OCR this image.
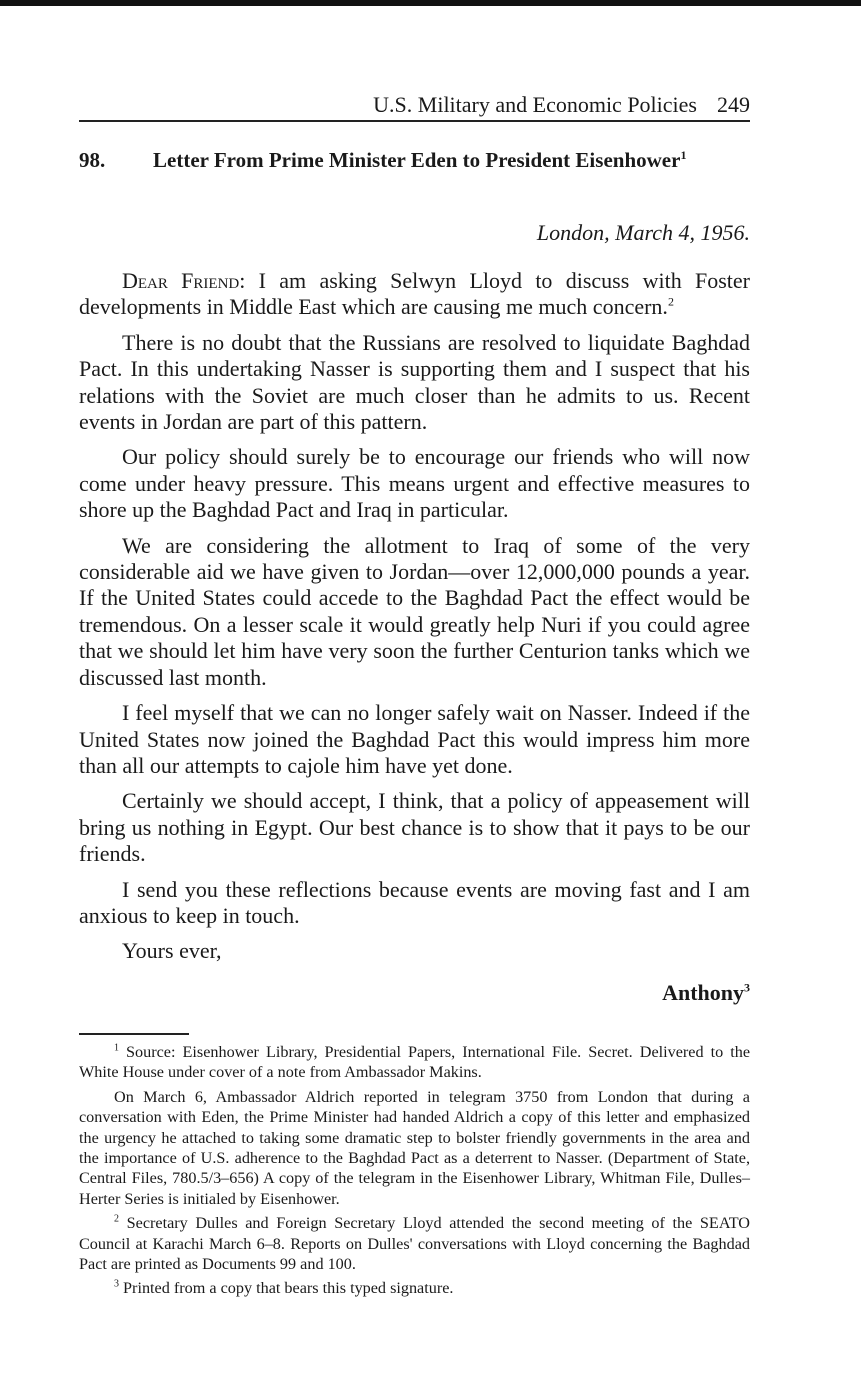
U.S. Military and Economic Policies 249
98. Letter From Prime Minister Eden to President Eisenhower$^1$
London, March 4, 1956.

Dear Friend: I am asking Selwyn Lloyd to discuss with Foster developments in Middle East which are causing me much concern.$^2$

There is no doubt that the Russians are resolved to liquidate Baghdad Pact. In this undertaking Nasser is supporting them and I suspect that his relations with the Soviet are much closer than he admits to us. Recent events in Jordan are part of this pattern.

Our policy should surely be to encourage our friends who will now come under heavy pressure. This means urgent and effective measures to shore up the Baghdad Pact and Iraq in particular.

We are considering the allotment to Iraq of some of the very considerable aid we have given to Jordan—over 12,000,000 pounds a year. If the United States could accede to the Baghdad Pact the effect would be tremendous. On a lesser scale it would greatly help Nuri if you could agree that we should let him have very soon the further Centurion tanks which we discussed last month.

I feel myself that we can no longer safely wait on Nasser. Indeed if the United States now joined the Baghdad Pact this would impress him more than all our attempts to cajole him have yet done.

Certainly we should accept, I think, that a policy of appeasement will bring us nothing in Egypt. Our best chance is to show that it pays to be our friends.

I send you these reflections because events are moving fast and I am anxious to keep in touch.

Yours ever,

Anthony$^3$

$^1$ Source: Eisenhower Library, Presidential Papers, International File. Secret. Delivered to the White House under cover of a note from Ambassador Makins.

On March 6, Ambassador Aldrich reported in telegram 3750 from London that during a conversation with Eden, the Prime Minister had handed Aldrich a copy of this letter and emphasized the urgency he attached to taking some dramatic step to bolster friendly governments in the area and the importance of U.S. adherence to the Baghdad Pact as a deterrent to Nasser. (Department of State, Central Files, 780.5/3–656) A copy of the telegram in the Eisenhower Library, Whitman File, Dulles–Herter Series is initialed by Eisenhower.

$^2$ Secretary Dulles and Foreign Secretary Lloyd attended the second meeting of the SEATO Council at Karachi March 6–8. Reports on Dulles' conversations with Lloyd concerning the Baghdad Pact are printed as Documents 99 and 100.

$^3$ Printed from a copy that bears this typed signature.
